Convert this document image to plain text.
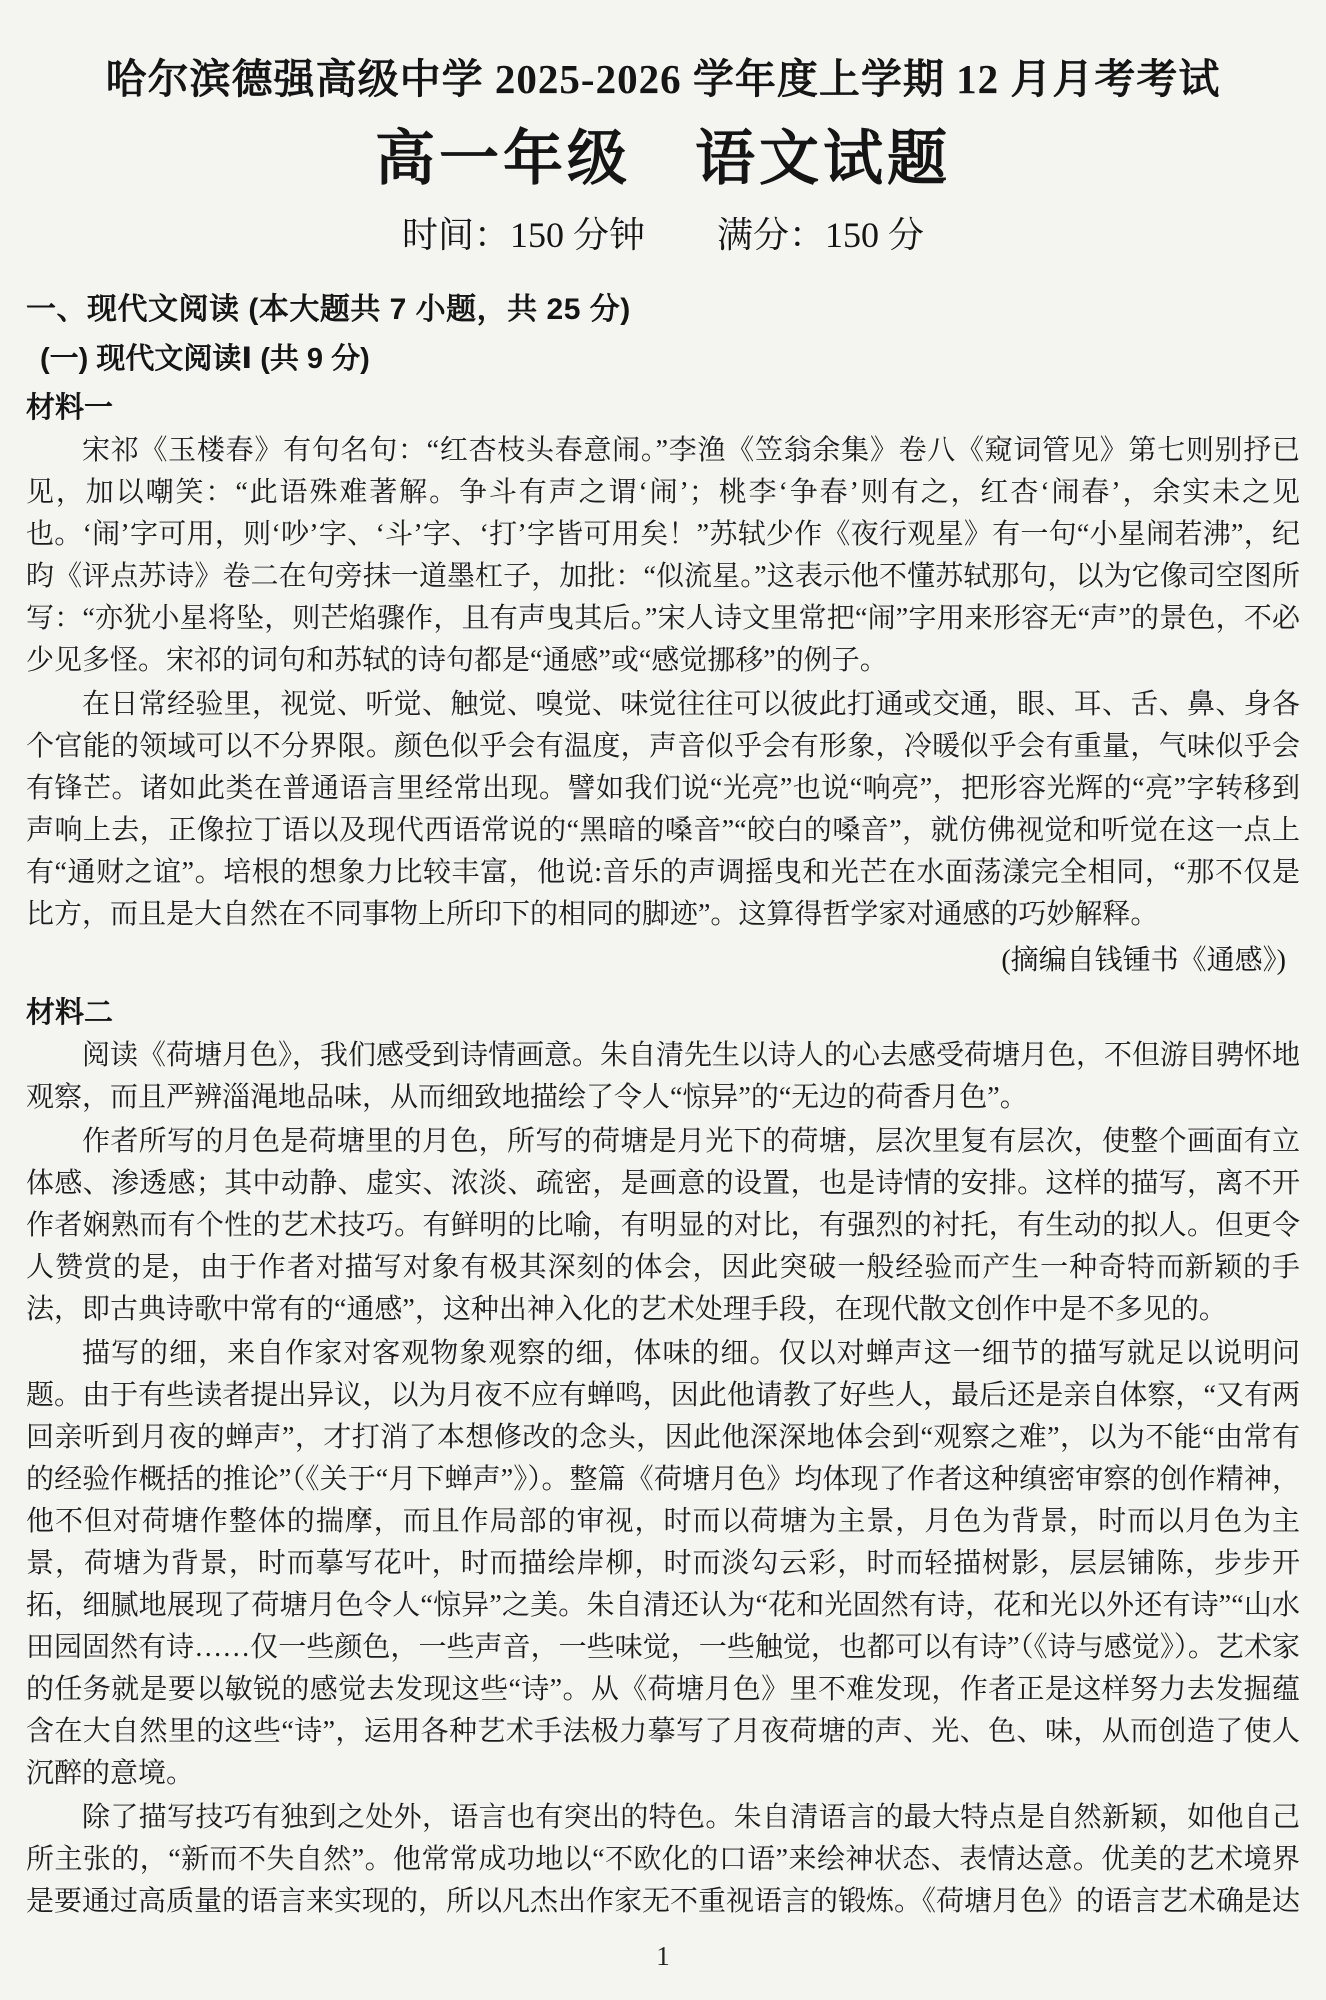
哈尔滨德强高级中学 2025-2026 学年度上学期 12 月月考考试
高一年级　语文试题
时间：150 分钟　　满分：150 分
一、现代文阅读 (本大题共 7 小题，共 25 分)
(一) 现代文阅读Ⅰ (共 9 分)
材料一

宋祁《玉楼春》有句名句：“红杏枝头春意闹。”李渔《笠翁余集》卷八《窥词管见》第七则别抒已见，加以嘲笑：“此语殊难著解。争斗有声之谓‘闹’；桃李‘争春’则有之，红杏‘闹春’，余实未之见也。‘闹’字可用，则‘吵’字、‘斗’字、‘打’字皆可用矣！”苏轼少作《夜行观星》有一句“小星闹若沸”，纪昀《评点苏诗》卷二在句旁抹一道墨杠子，加批：“似流星。”这表示他不懂苏轼那句，以为它像司空图所写：“亦犹小星将坠，则芒焰骤作，且有声曳其后。”宋人诗文里常把“闹”字用来形容无“声”的景色，不必少见多怪。宋祁的词句和苏轼的诗句都是“通感”或“感觉挪移”的例子。

在日常经验里，视觉、听觉、触觉、嗅觉、味觉往往可以彼此打通或交通，眼、耳、舌、鼻、身各个官能的领域可以不分界限。颜色似乎会有温度，声音似乎会有形象，冷暖似乎会有重量，气味似乎会有锋芒。诸如此类在普通语言里经常出现。譬如我们说“光亮”也说“响亮”，把形容光辉的“亮”字转移到声响上去，正像拉丁语以及现代西语常说的“黑暗的嗓音”“皎白的嗓音”，就仿佛视觉和听觉在这一点上有“通财之谊”。培根的想象力比较丰富，他说:音乐的声调摇曳和光芒在水面荡漾完全相同，“那不仅是比方，而且是大自然在不同事物上所印下的相同的脚迹”。这算得哲学家对通感的巧妙解释。

(摘编自钱锺书《通感》)
材料二

阅读《荷塘月色》，我们感受到诗情画意。朱自清先生以诗人的心去感受荷塘月色，不但游目骋怀地观察，而且严辨淄渑地品味，从而细致地描绘了令人“惊异”的“无边的荷香月色”。

作者所写的月色是荷塘里的月色，所写的荷塘是月光下的荷塘，层次里复有层次，使整个画面有立体感、渗透感；其中动静、虚实、浓淡、疏密，是画意的设置，也是诗情的安排。这样的描写，离不开作者娴熟而有个性的艺术技巧。有鲜明的比喻，有明显的对比，有强烈的衬托，有生动的拟人。但更令人赞赏的是，由于作者对描写对象有极其深刻的体会，因此突破一般经验而产生一种奇特而新颖的手法，即古典诗歌中常有的“通感”，这种出神入化的艺术处理手段，在现代散文创作中是不多见的。

描写的细，来自作家对客观物象观察的细，体味的细。仅以对蝉声这一细节的描写就足以说明问题。由于有些读者提出异议，以为月夜不应有蝉鸣，因此他请教了好些人，最后还是亲自体察，“又有两回亲听到月夜的蝉声”，才打消了本想修改的念头，因此他深深地体会到“观察之难”，以为不能“由常有的经验作概括的推论”（《关于“月下蝉声”》）。整篇《荷塘月色》均体现了作者这种缜密审察的创作精神，他不但对荷塘作整体的揣摩，而且作局部的审视，时而以荷塘为主景，月色为背景，时而以月色为主景，荷塘为背景，时而摹写花叶，时而描绘岸柳，时而淡勾云彩，时而轻描树影，层层铺陈，步步开拓，细腻地展现了荷塘月色令人“惊异”之美。朱自清还认为“花和光固然有诗，花和光以外还有诗”“山水田园固然有诗……仅一些颜色，一些声音，一些味觉，一些触觉，也都可以有诗”（《诗与感觉》）。艺术家的任务就是要以敏锐的感觉去发现这些“诗”。从《荷塘月色》里不难发现，作者正是这样努力去发掘蕴含在大自然里的这些“诗”，运用各种艺术手法极力摹写了月夜荷塘的声、光、色、味，从而创造了使人沉醉的意境。

除了描写技巧有独到之处外，语言也有突出的特色。朱自清语言的最大特点是自然新颖，如他自己所主张的，“新而不失自然”。他常常成功地以“不欧化的口语”来绘神状态、表情达意。优美的艺术境界是要通过高质量的语言来实现的，所以凡杰出作家无不重视语言的锻炼。《荷塘月色》的语言艺术确是达

1
